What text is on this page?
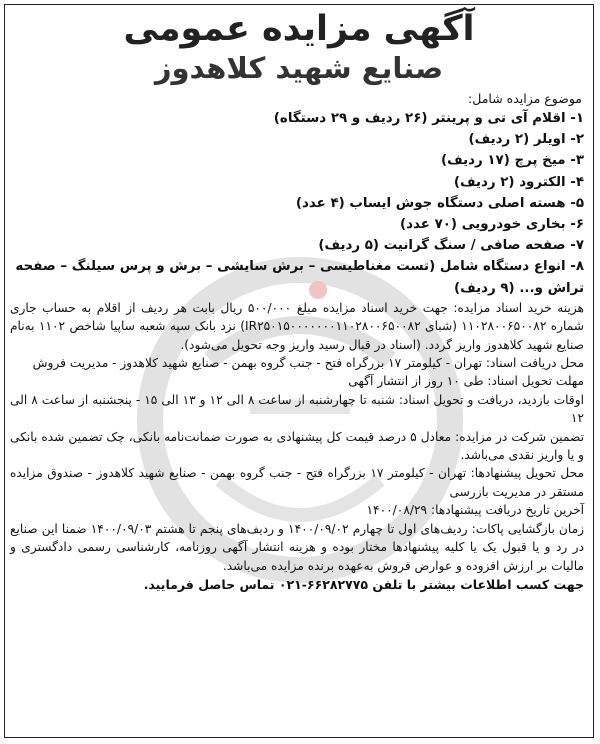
آگهی مزایده عمومی
صنایع شهید کلاهدوز
موضوع مزایده شامل:
۱- اقلام آی تی و پرینتر (۲۶ ردیف و ۲۹ دستگاه)
۲- اویلر (۲ ردیف)
۳- میخ پرچ (۱۷ ردیف)
۴- الکترود (۲ ردیف)
۵- هسته اصلی دستگاه جوش ایساب (۴ عدد)
۶- بخاری خودرویی (۷۰ عدد)
۷- صفحه صافی / سنگ گرانیت (۵ ردیف)
۸- انواع دستگاه شامل (تست مغناطیسی – برش سایشی – برش و پرس سیلنگ – صفحه تراش و... (۹ ردیف)
هزینه خرید اسناد مزایده: جهت خرید اسناد مزایده مبلغ ۵۰۰/۰۰۰ ریال بابت هر ردیف از اقلام به حساب جاری شماره ۱۱۰۲۸۰۰۶۵۰۰۸۲ (شبای IR۲۵۰۱۵۰۰۰۰۰۰۰۱۱۰۲۸۰۰۶۵۰۰۸۲) نزد بانک سپه شعبه ساپیا شاخص ۱۱۰۲ به‌نام صنایع شهید کلاهدوز واریز گردد. (اسناد در قبال رسید واریز وجه تحویل می‌شود).
محل دریافت اسناد: تهران - کیلومتر ۱۷ بزرگراه فتح - جنب گروه بهمن - صنایع شهید کلاهدوز - مدیریت فروش
مهلت تحویل اسناد: طی ۱۰ روز از انتشار آگهی
اوقات بازدید، دریافت و تحویل اسناد: شنبه تا چهارشنبه از ساعت ۸ الی ۱۲ و ۱۳ الی ۱۵ - پنجشنبه از ساعت ۸ الی ۱۲
تضمین شرکت در مزایده: معادل ۵ درصد قیمت کل پیشنهادی به صورت ضمانت‌نامه بانکی، چک تضمین شده بانکی و یا واریز نقدی می‌باشد.
محل تحویل پیشنهادها: تهران - کیلومتر ۱۷ بزرگراه فتح - جنب گروه بهمن - صنایع شهید کلاهدوز - صندوق مزایده مستقر در مدیریت بازرسی
آخرین تاریخ دریافت پیشنهادها: ۱۴۰۰/۰۸/۲۹
زمان بازگشایی پاکات: ردیف‌های اول تا چهارم ۱۴۰۰/۰۹/۰۲ و ردیف‌های پنجم تا هشتم ۱۴۰۰/۰۹/۰۳ ضمنا این صنایع در رد و یا قبول یک یا کلیه پیشنهادها مختار بوده و هزینه انتشار آگهی روزنامه، کارشناسی رسمی دادگستری و مالیات بر ارزش افزوده و عوارض فروش به‌عهده برنده مزایده می‌باشد.
جهت کسب اطلاعات بیشتر با تلفن ۶۶۲۸۲۷۷۵-۰۲۱ تماس حاصل فرمایید.
